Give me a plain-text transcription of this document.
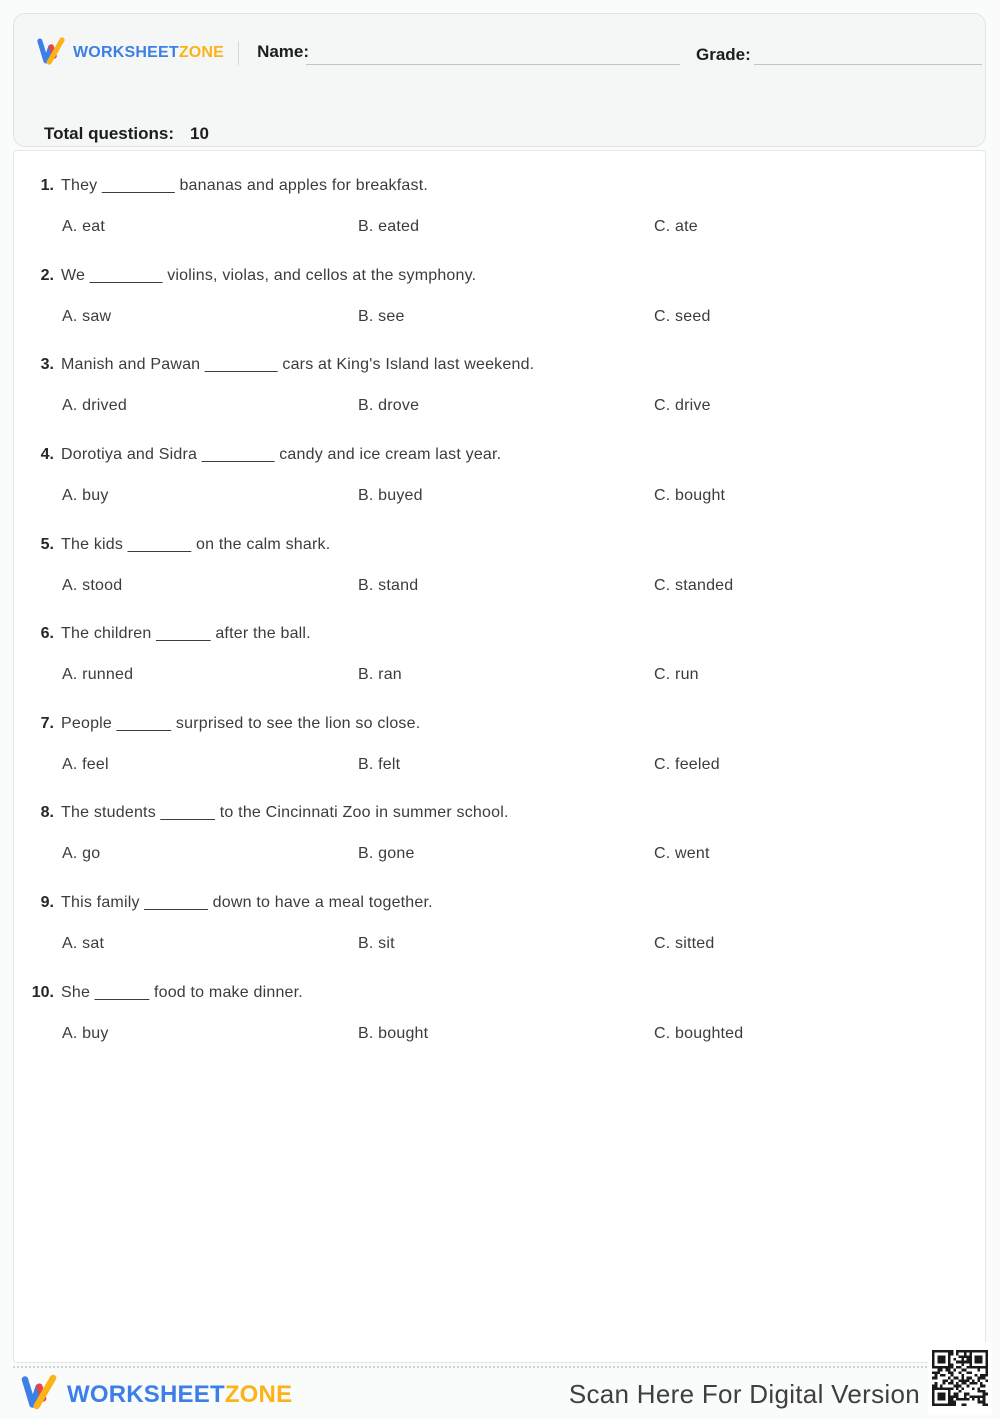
WORKSHEETZONE Name:	Grade:
Total questions: 10
1. They ________ bananas and apples for breakfast.
A. eat	B. eated	C. ate
2. We ________ violins, violas, and cellos at the symphony.
A. saw	B. see	C. seed
3. Manish and Pawan ________ cars at King's Island last weekend.
A. drived	B. drove	C. drive
4. Dorotiya and Sidra ________ candy and ice cream last year.
A. buy	B. buyed	C. bought
5. The kids _______ on the calm shark.
A. stood	B. stand	C. standed
6. The children ______ after the ball.
A. runned	B. ran	C. run
7. People ______ surprised to see the lion so close.
A. feel	B. felt	C. feeled
8. The students ______ to the Cincinnati Zoo in summer school.
A. go	B. gone	C. went
9. This family _______ down to have a meal together.
A. sat	B. sit	C. sitted
10. She ______ food to make dinner.
A. buy	B. bought	C. boughted
WORKSHEETZONE	Scan Here For Digital Version
